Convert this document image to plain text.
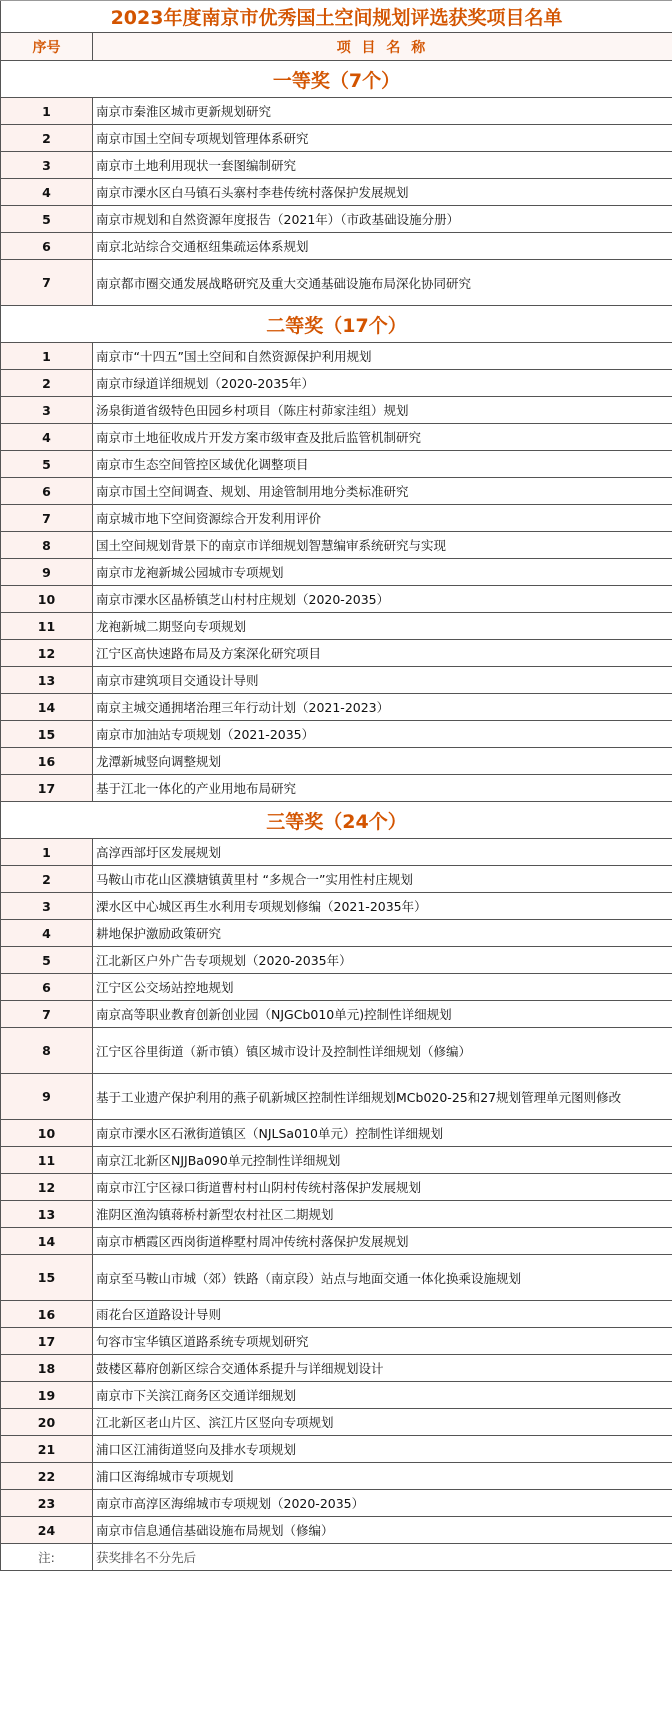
2023年度南京市优秀国土空间规划评选获奖项目名单	
序号	项 目 名 称
一等奖（7个）	
1	南京市秦淮区城市更新规划研究
2	南京市国土空间专项规划管理体系研究
3	南京市土地利用现状一套图编制研究
4	南京市溧水区白马镇石头寨村李巷传统村落保护发展规划
5	南京市规划和自然资源年度报告（2021年）（市政基础设施分册）
6	南京北站综合交通枢纽集疏运体系规划
7	南京都市圈交通发展战略研究及重大交通基础设施布局深化协同研究
二等奖（17个）	
1	南京市“十四五”国土空间和自然资源保护利用规划
2	南京市绿道详细规划（2020-2035年）
3	汤泉街道省级特色田园乡村项目（陈庄村茆家洼组）规划
4	南京市土地征收成片开发方案市级审查及批后监管机制研究
5	南京市生态空间管控区域优化调整项目
6	南京市国土空间调查、规划、用途管制用地分类标准研究
7	南京城市地下空间资源综合开发利用评价
8	国土空间规划背景下的南京市详细规划智慧编审系统研究与实现
9	南京市龙袍新城公园城市专项规划
10	南京市溧水区晶桥镇芝山村村庄规划（2020-2035）
11	龙袍新城二期竖向专项规划
12	江宁区高快速路布局及方案深化研究项目
13	南京市建筑项目交通设计导则
14	南京主城交通拥堵治理三年行动计划（2021-2023）
15	南京市加油站专项规划（2021-2035）
16	龙潭新城竖向调整规划
17	基于江北一体化的产业用地布局研究
三等奖（24个）	
1	高淳西部圩区发展规划
2	马鞍山市花山区濮塘镇黄里村 “多规合一”实用性村庄规划
3	溧水区中心城区再生水利用专项规划修编（2021-2035年）
4	耕地保护激励政策研究
5	江北新区户外广告专项规划（2020-2035年）
6	江宁区公交场站控地规划
7	南京高等职业教育创新创业园（NJGCb010单元)控制性详细规划
8	江宁区谷里街道（新市镇）镇区城市设计及控制性详细规划（修编）
9	基于工业遗产保护利用的燕子矶新城区控制性详细规划MCb020-25和27规划管理单元图则修改
10	南京市溧水区石湫街道镇区（NJLSa010单元）控制性详细规划
11	南京江北新区NJJBa090单元控制性详细规划
12	南京市江宁区禄口街道曹村村山阴村传统村落保护发展规划
13	淮阴区渔沟镇蒋桥村新型农村社区二期规划
14	南京市栖霞区西岗街道桦墅村周冲传统村落保护发展规划
15	南京至马鞍山市城（郊）铁路（南京段）站点与地面交通一体化换乘设施规划
16	雨花台区道路设计导则
17	句容市宝华镇区道路系统专项规划研究
18	鼓楼区幕府创新区综合交通体系提升与详细规划设计
19	南京市下关滨江商务区交通详细规划
20	江北新区老山片区、滨江片区竖向专项规划
21	浦口区江浦街道竖向及排水专项规划
22	浦口区海绵城市专项规划
23	南京市高淳区海绵城市专项规划（2020-2035）
24	南京市信息通信基础设施布局规划（修编）
注:	获奖排名不分先后
